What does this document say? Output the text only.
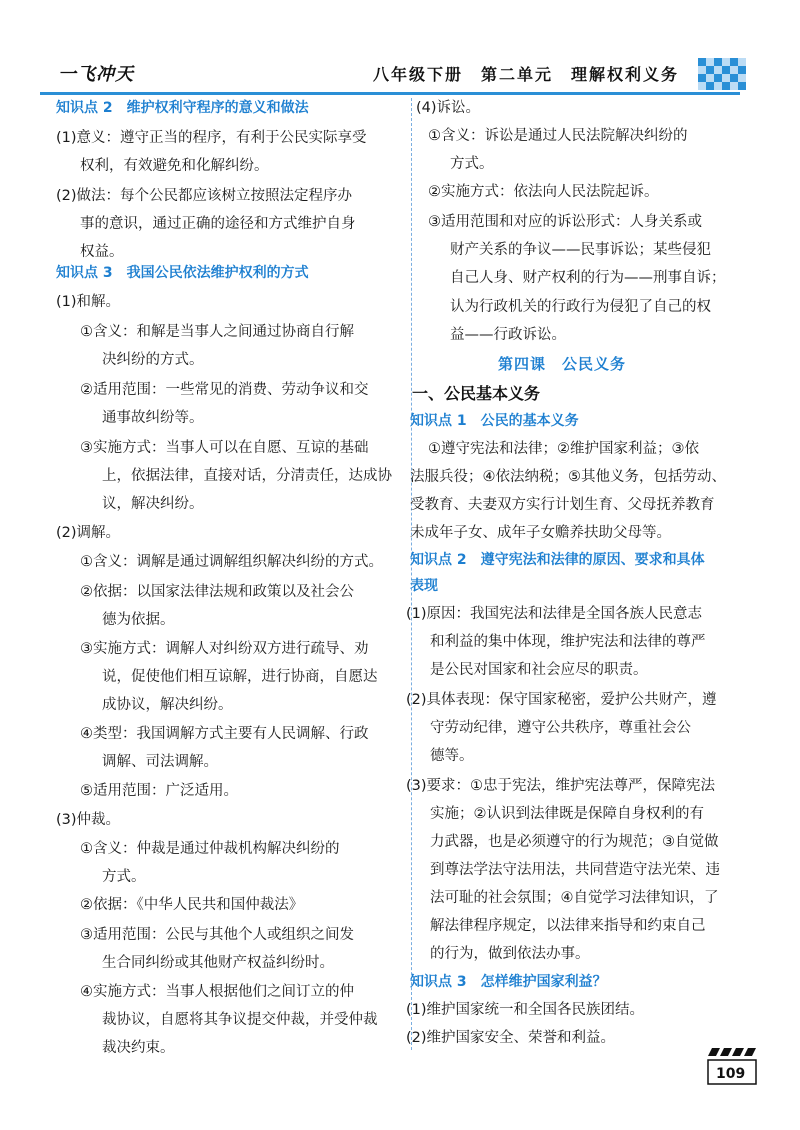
一飞冲天	八年级下册　第二单元　理解权利义务
知识点 2　维护权利守程序的意义和做法
(1)意义：遵守正当的程序，有利于公民实际享受
权利，有效避免和化解纠纷。
(2)做法：每个公民都应该树立按照法定程序办
事的意识，通过正确的途径和方式维护自身
权益。
知识点 3　我国公民依法维护权利的方式
(1)和解。
①含义：和解是当事人之间通过协商自行解
决纠纷的方式。
②适用范围：一些常见的消费、劳动争议和交
通事故纠纷等。
③实施方式：当事人可以在自愿、互谅的基础
上，依据法律，直接对话，分清责任，达成协
议，解决纠纷。
(2)调解。
①含义：调解是通过调解组织解决纠纷的方式。
②依据：以国家法律法规和政策以及社会公
德为依据。
③实施方式：调解人对纠纷双方进行疏导、劝
说，促使他们相互谅解，进行协商，自愿达
成协议，解决纠纷。
④类型：我国调解方式主要有人民调解、行政
调解、司法调解。
⑤适用范围：广泛适用。
(3)仲裁。
①含义：仲裁是通过仲裁机构解决纠纷的
方式。
②依据：《中华人民共和国仲裁法》
③适用范围：公民与其他个人或组织之间发
生合同纠纷或其他财产权益纠纷时。
④实施方式：当事人根据他们之间订立的仲
裁协议，自愿将其争议提交仲裁，并受仲裁
裁决约束。
(4)诉讼。
①含义：诉讼是通过人民法院解决纠纷的
方式。
②实施方式：依法向人民法院起诉。
③适用范围和对应的诉讼形式：人身关系或
财产关系的争议——民事诉讼；某些侵犯
自己人身、财产权利的行为——刑事自诉；
认为行政机关的行政行为侵犯了自己的权
益——行政诉讼。
第四课　公民义务
一、公民基本义务
知识点 1　公民的基本义务
①遵守宪法和法律；②维护国家利益；③依
法服兵役；④依法纳税；⑤其他义务，包括劳动、
受教育、夫妻双方实行计划生育、父母抚养教育
未成年子女、成年子女赡养扶助父母等。
知识点 2　遵守宪法和法律的原因、要求和具体
表现
(1)原因：我国宪法和法律是全国各族人民意志
和利益的集中体现，维护宪法和法律的尊严
是公民对国家和社会应尽的职责。
(2)具体表现：保守国家秘密，爱护公共财产，遵
守劳动纪律，遵守公共秩序，尊重社会公
德等。
(3)要求：①忠于宪法，维护宪法尊严，保障宪法
实施；②认识到法律既是保障自身权利的有
力武器，也是必须遵守的行为规范；③自觉做
到尊法学法守法用法，共同营造守法光荣、违
法可耻的社会氛围；④自觉学习法律知识，了
解法律程序规定，以法律来指导和约束自己
的行为，做到依法办事。
知识点 3　怎样维护国家利益？
(1)维护国家统一和全国各民族团结。
(2)维护国家安全、荣誉和利益。
109
